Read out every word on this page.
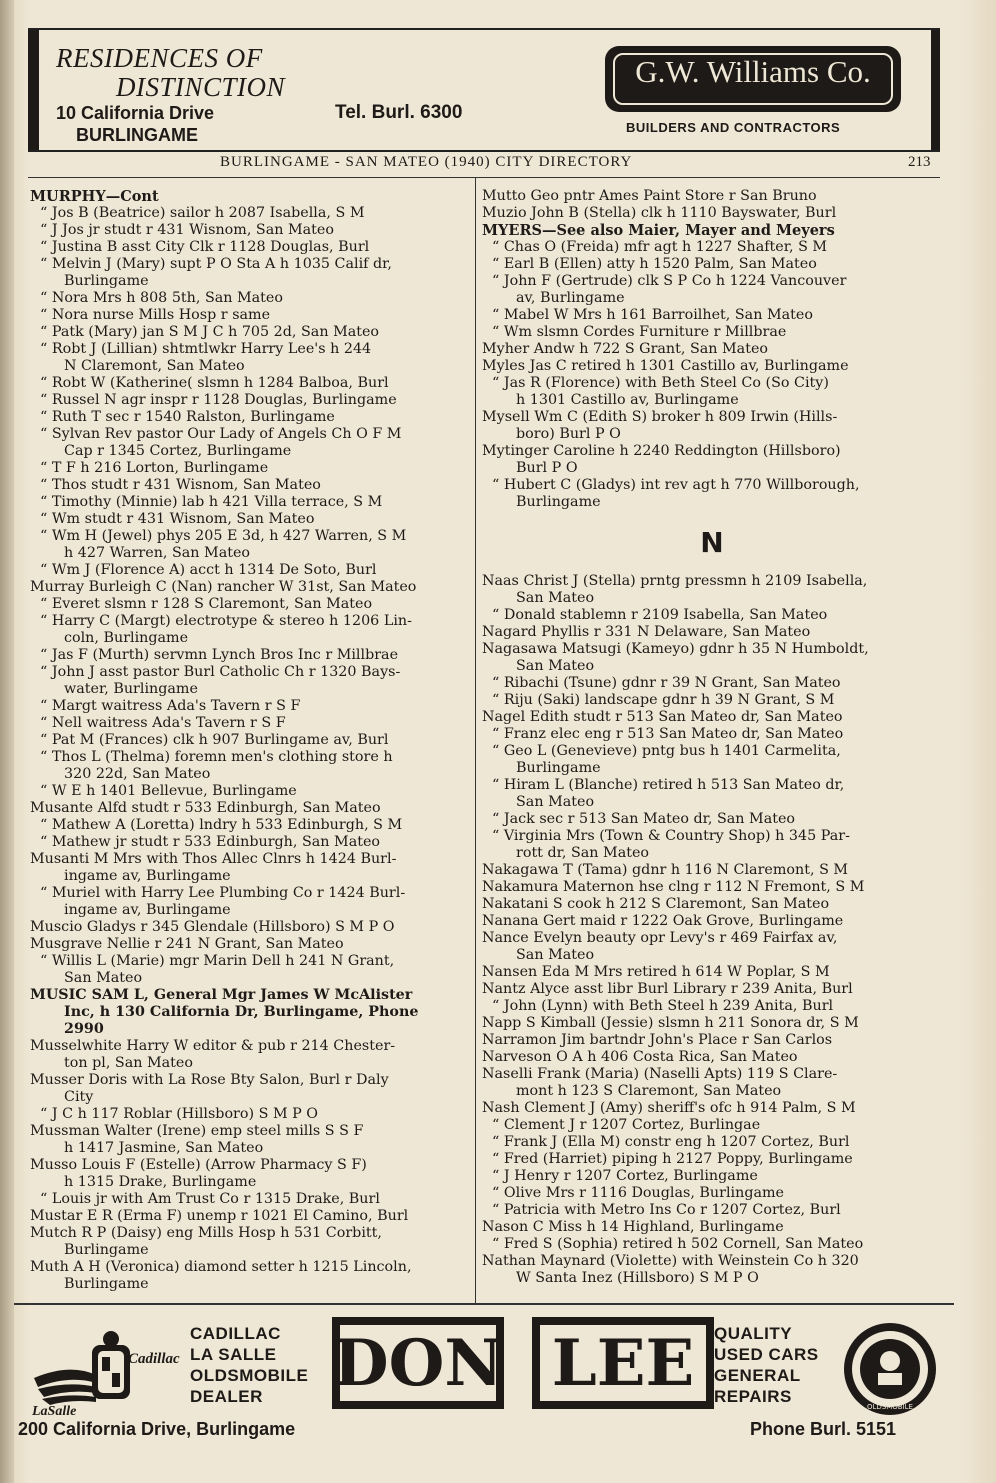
RESIDENCES OF
DISTINCTION
10 California Drive
BURLINGAME
Tel. Burl. 6300
G.W. Williams Co.
BUILDERS AND CONTRACTORS
BURLINGAME - SAN MATEO (1940) CITY DIRECTORY	213
MURPHY—Cont
“ Jos B (Beatrice) sailor h 2087 Isabella, S M
“ J Jos jr studt r 431 Wisnom, San Mateo
“ Justina B asst City Clk r 1128 Douglas, Burl
“ Melvin J (Mary) supt P O Sta A h 1035 Calif dr,
Burlingame
“ Nora Mrs h 808 5th, San Mateo
“ Nora nurse Mills Hosp r same
“ Patk (Mary) jan S M J C h 705 2d, San Mateo
“ Robt J (Lillian) shtmtlwkr Harry Lee's h 244
N Claremont, San Mateo
“ Robt W (Katherine( slsmn h 1284 Balboa, Burl
“ Russel N agr inspr r 1128 Douglas, Burlingame
“ Ruth T sec r 1540 Ralston, Burlingame
“ Sylvan Rev pastor Our Lady of Angels Ch O F M
Cap r 1345 Cortez, Burlingame
“ T F h 216 Lorton, Burlingame
“ Thos studt r 431 Wisnom, San Mateo
“ Timothy (Minnie) lab h 421 Villa terrace, S M
“ Wm studt r 431 Wisnom, San Mateo
“ Wm H (Jewel) phys 205 E 3d, h 427 Warren, S M
h 427 Warren, San Mateo
“ Wm J (Florence A) acct h 1314 De Soto, Burl
Murray Burleigh C (Nan) rancher W 31st, San Mateo
“ Everet slsmn r 128 S Claremont, San Mateo
“ Harry C (Margt) electrotype & stereo h 1206 Lin-
coln, Burlingame
“ Jas F (Murth) servmn Lynch Bros Inc r Millbrae
“ John J asst pastor Burl Catholic Ch r 1320 Bays-
water, Burlingame
“ Margt waitress Ada's Tavern r S F
“ Nell waitress Ada's Tavern r S F
“ Pat M (Frances) clk h 907 Burlingame av, Burl
“ Thos L (Thelma) foremn men's clothing store h
320 22d, San Mateo
“ W E h 1401 Bellevue, Burlingame
Musante Alfd studt r 533 Edinburgh, San Mateo
“ Mathew A (Loretta) lndry h 533 Edinburgh, S M
“ Mathew jr studt r 533 Edinburgh, San Mateo
Musanti M Mrs with Thos Allec Clnrs h 1424 Burl-
ingame av, Burlingame
“ Muriel with Harry Lee Plumbing Co r 1424 Burl-
ingame av, Burlingame
Muscio Gladys r 345 Glendale (Hillsboro) S M P O
Musgrave Nellie r 241 N Grant, San Mateo
“ Willis L (Marie) mgr Marin Dell h 241 N Grant,
San Mateo
MUSIC SAM L, General Mgr James W McAlister
Inc, h 130 California Dr, Burlingame, Phone
2990
Musselwhite Harry W editor & pub r 214 Chester-
ton pl, San Mateo
Musser Doris with La Rose Bty Salon, Burl r Daly
City
“ J C h 117 Roblar (Hillsboro) S M P O
Mussman Walter (Irene) emp steel mills S S F
h 1417 Jasmine, San Mateo
Musso Louis F (Estelle) (Arrow Pharmacy S F)
h 1315 Drake, Burlingame
“ Louis jr with Am Trust Co r 1315 Drake, Burl
Mustar E R (Erma F) unemp r 1021 El Camino, Burl
Mutch R P (Daisy) eng Mills Hosp h 531 Corbitt,
Burlingame
Muth A H (Veronica) diamond setter h 1215 Lincoln,
Burlingame
Mutto Geo pntr Ames Paint Store r San Bruno
Muzio John B (Stella) clk h 1110 Bayswater, Burl
MYERS—See also Maier, Mayer and Meyers
“ Chas O (Freida) mfr agt h 1227 Shafter, S M
“ Earl B (Ellen) atty h 1520 Palm, San Mateo
“ John F (Gertrude) clk S P Co h 1224 Vancouver
av, Burlingame
“ Mabel W Mrs h 161 Barroilhet, San Mateo
“ Wm slsmn Cordes Furniture r Millbrae
Myher Andw h 722 S Grant, San Mateo
Myles Jas C retired h 1301 Castillo av, Burlingame
“ Jas R (Florence) with Beth Steel Co (So City)
h 1301 Castillo av, Burlingame
Mysell Wm C (Edith S) broker h 809 Irwin (Hills-
boro) Burl P O
Mytinger Caroline h 2240 Reddington (Hillsboro)
Burl P O
“ Hubert C (Gladys) int rev agt h 770 Willborough,
Burlingame
N
Naas Christ J (Stella) prntg pressmn h 2109 Isabella,
San Mateo
“ Donald stablemn r 2109 Isabella, San Mateo
Nagard Phyllis r 331 N Delaware, San Mateo
Nagasawa Matsugi (Kameyo) gdnr h 35 N Humboldt,
San Mateo
“ Ribachi (Tsune) gdnr r 39 N Grant, San Mateo
“ Riju (Saki) landscape gdnr h 39 N Grant, S M
Nagel Edith studt r 513 San Mateo dr, San Mateo
“ Franz elec eng r 513 San Mateo dr, San Mateo
“ Geo L (Genevieve) pntg bus h 1401 Carmelita,
Burlingame
“ Hiram L (Blanche) retired h 513 San Mateo dr,
San Mateo
“ Jack sec r 513 San Mateo dr, San Mateo
“ Virginia Mrs (Town & Country Shop) h 345 Par-
rott dr, San Mateo
Nakagawa T (Tama) gdnr h 116 N Claremont, S M
Nakamura Maternon hse clng r 112 N Fremont, S M
Nakatani S cook h 212 S Claremont, San Mateo
Nanana Gert maid r 1222 Oak Grove, Burlingame
Nance Evelyn beauty opr Levy's r 469 Fairfax av,
San Mateo
Nansen Eda M Mrs retired h 614 W Poplar, S M
Nantz Alyce asst libr Burl Library r 239 Anita, Burl
“ John (Lynn) with Beth Steel h 239 Anita, Burl
Napp S Kimball (Jessie) slsmn h 211 Sonora dr, S M
Narramon Jim bartndr John's Place r San Carlos
Narveson O A h 406 Costa Rica, San Mateo
Naselli Frank (Maria) (Naselli Apts) 119 S Clare-
mont h 123 S Claremont, San Mateo
Nash Clement J (Amy) sheriff's ofc h 914 Palm, S M
“ Clement J r 1207 Cortez, Burlingae
“ Frank J (Ella M) constr eng h 1207 Cortez, Burl
“ Fred (Harriet) piping h 2127 Poppy, Burlingame
“ J Henry r 1207 Cortez, Burlingame
“ Olive Mrs r 1116 Douglas, Burlingame
“ Patricia with Metro Ins Co r 1207 Cortez, Burl
Nason C Miss h 14 Highland, Burlingame
“ Fred S (Sophia) retired h 502 Cornell, San Mateo
Nathan Maynard (Violette) with Weinstein Co h 320
W Santa Inez (Hillsboro) S M P O
Cadillac
LaSalle
CADILLAC
LA SALLE
OLDSMOBILE
DEALER	DON LEE QUALITY
USED CARS
GENERAL
REPAIRS
OLDSMOBILE
200 California Drive, Burlingame	Phone Burl. 5151
